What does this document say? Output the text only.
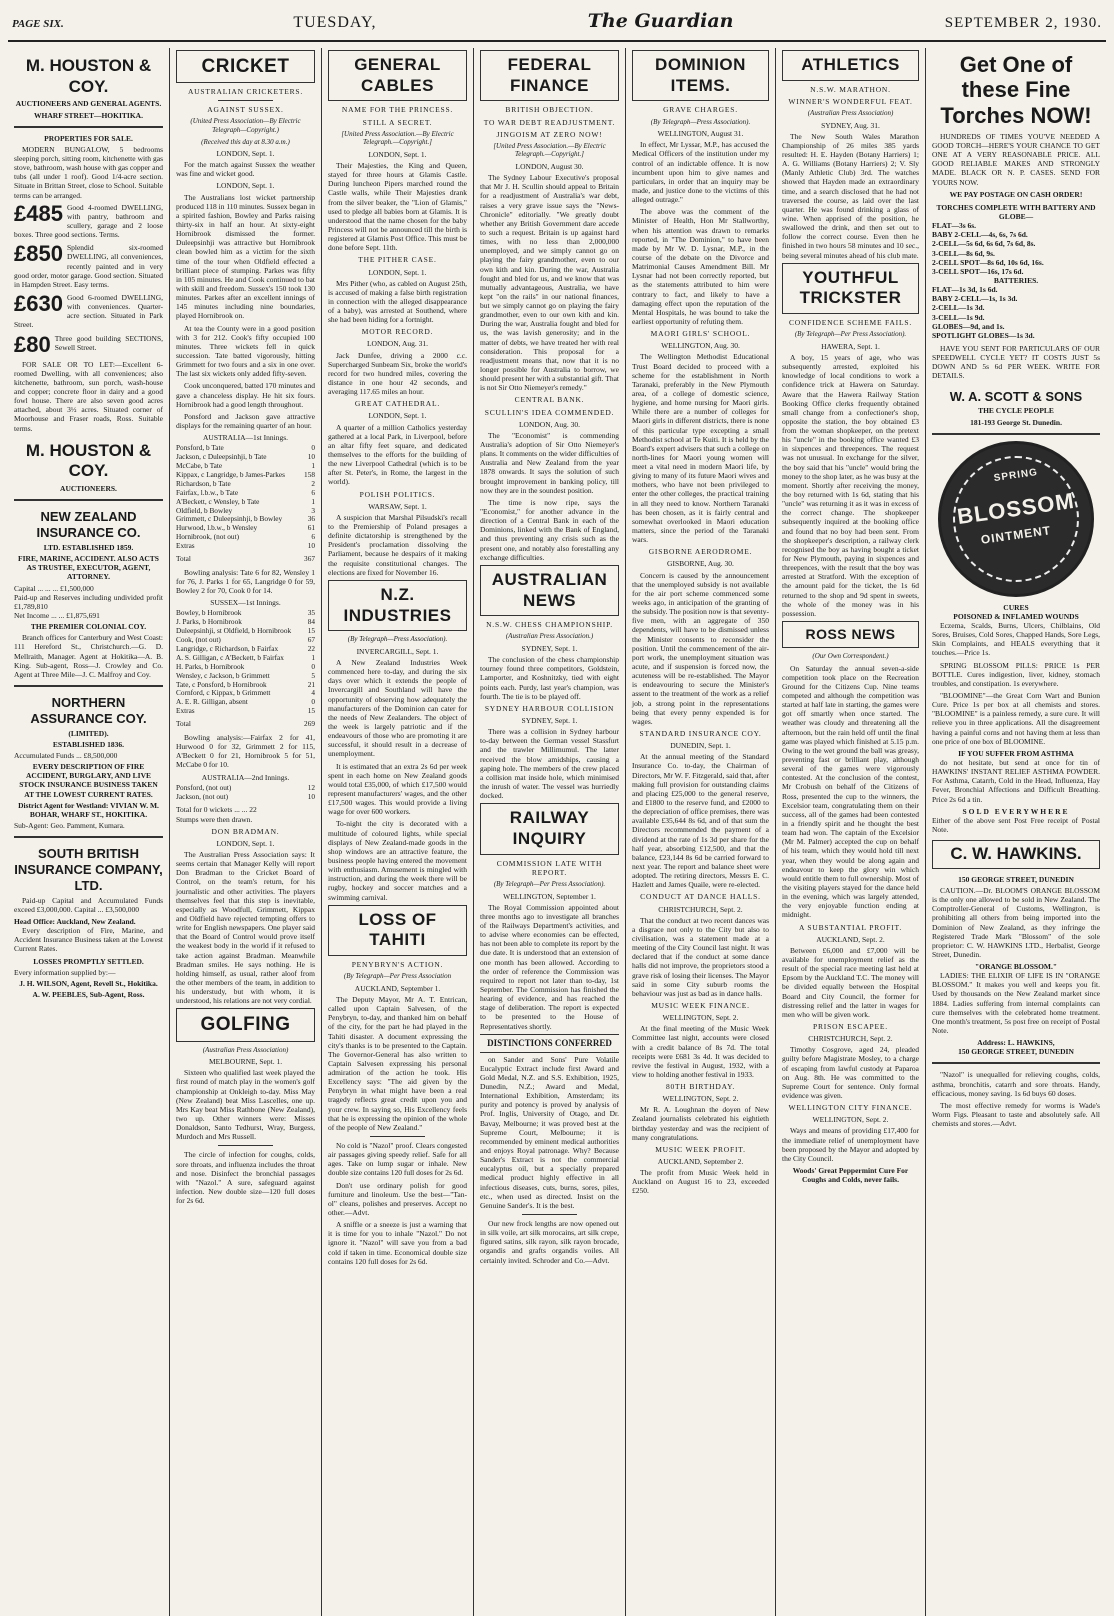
PAGE SIX.	TUESDAY,	The Guardian	SEPTEMBER 2, 1930.
M. HOUSTON & COY.
AUCTIONEERS AND GENERAL AGENTS.
WHARF STREET—HOKITIKA.
PROPERTIES FOR SALE.

MODERN BUNGALOW, 5 bedrooms sleeping porch, sitting room, kitchenette with gas stove, bathroom, wash house with gas copper and tubs (all under 1 roof). Good 1/4-acre section. Situate in Brittan Street, close to School. Suitable terms can be arranged.

£485 Good 4-roomed DWELLING, with pantry, bathroom and scullery, garage and 2 loose boxes. Three good sections. Terms.
£850 Splendid six-roomed DWELLING, all conveniences, recently painted and in very good order, motor garage. Good section. Situated in Hampden Street. Easy terms.
£630 Good 6-roomed DWELLING, with conveniences. Quarter-acre section. Situated in Park Street.
£80 Three good building SECTIONS, Sewell Street.

FOR SALE OR TO LET:—Excellent 6-roomed Dwelling, with all conveniences; also kitchenette, bathroom, sun porch, wash-house and copper; concrete floor in dairy and a good fowl house. There are also seven good acres attached, about 3½ acres. Situated corner of Moorhouse and Fraser roads, Ross. Suitable terms.

M. HOUSTON & COY.
AUCTIONEERS.
NEW ZEALAND INSURANCE CO.
LTD. ESTABLISHED 1859.
FIRE, MARINE, ACCIDENT. ALSO ACTS AS TRUSTEE, EXECUTOR, AGENT, ATTORNEY.
Capital ... ... ... £1,500,000
Paid-up and Reserves including undivided profit £1,789,810
Net Income ... ... £1,875,691
THE PREMIER COLONIAL COY.

Branch offices for Canterbury and West Coast: 111 Hereford St., Christchurch.—G. D. Mellraith, Manager. Agent at Hokitika—A. B. King. Sub-agent, Ross—J. Crowley and Co. Agent at Three Mile—J. C. Malfroy and Coy.

NORTHERN ASSURANCE COY.
(LIMITED).
ESTABLISHED 1836.
Accumulated Funds ... £8,500,000
EVERY DESCRIPTION OF FIRE ACCIDENT, BURGLARY, AND LIVE STOCK INSURANCE BUSINESS TAKEN AT THE LOWEST CURRENT RATES.
District Agent for Westland: VIVIAN W. M. BOHAR, WHARF ST., HOKITIKA.
Sub-Agent: Geo. Pamment, Kumara.
SOUTH BRITISH INSURANCE COMPANY, LTD.

Paid-up Capital and Accumulated Funds exceed £3,000,000. Capital ... £3,500,000

Head Office: Auckland, New Zealand.

Every description of Fire, Marine, and Accident Insurance Business taken at the Lowest Current Rates.

LOSSES PROMPTLY SETTLED.
Every information supplied by:—
J. H. WILSON, Agent, Revell St., Hokitika.
A. W. PEEBLES, Sub-Agent, Ross.
CRICKET
AUSTRALIAN CRICKETERS.
AGAINST SUSSEX.
(United Press Association—By Electric Telegraph—Copyright.)
(Received this day at 8.30 a.m.)
LONDON, Sept. 1.

For the match against Sussex the weather was fine and wicket good.

LONDON, Sept. 1.

The Australians lost wicket partnership produced 118 in 110 minutes. Sussex began in a spirited fashion, Bowley and Parks raising thirty-six in half an hour. At sixty-eight Hornibrook dismissed the former. Duleepsinhji was attractive but Hornibrook clean bowled him as a victim for the sixth time of the tour when Oldfield effected a brilliant piece of stumping. Parkes was fifty in 105 minutes. He and Cook continued to bat with skill and freedom. Sussex's 150 took 130 minutes. Parkes after an excellent innings of 145 minutes including nine boundaries, played Hornibrook on.

At tea the County were in a good position with 3 for 212. Cook's fifty occupied 100 minutes. Three wickets fell in quick succession. Tate batted vigorously, hitting Grimmett for two fours and a six in one over. The last six wickets only added fifty-seven.

Cook unconquered, batted 170 minutes and gave a chanceless display. He hit six fours. Hornibrook had a good length throughout.

Ponsford and Jackson gave attractive displays for the remaining quarter of an hour.

AUSTRALIA—1st Innings.
Ponsford, b Tate	0
Jackson, c Duleepsinhji, b Tate	10
McCabe, b Tate	1
Kippax, c Langridge, b James-Parkes	158
Richardson, b Tate	2
Fairfax, l.b.w., b Tate	6
A'Beckett, c Wensley, b Tate	1
Oldfield, b Bowley	3
Grimmett, c Duleepsinhji, b Bowley	36
Hurwood, l.b.w., b Wensley	61
Hornibrook, (not out)	6
Extras	10
Total	367

Bowling analysis: Tate 6 for 82, Wensley 1 for 76, J. Parks 1 for 65, Langridge 0 for 59, Bowley 2 for 70, Cook 0 for 14.

SUSSEX—1st Innings.
Bowley, b Hornibrook	35
J. Parks, b Hornibrook	84
Duleepsinhji, st Oldfield, b Hornibrook 15
Cook, (not out)	67
Langridge, c Richardson, b Fairfax	22
A. S. Gilligan, c A'Beckett, b Fairfax	1
H. Parks, b Hornibrook	0
Wensley, c Jackson, b Grimmett	5
Tate, c Ponsford, b Hornibrook	21
Cornford, c Kippax, b Grimmett	4
A. E. R. Gilligan, absent	0
Extras	15
Total	269

Bowling analysis:—Fairfax 2 for 41, Hurwood 0 for 32, Grimmett 2 for 115, A'Beckett 0 for 21, Hornibrook 5 for 51, McCabe 0 for 10.

AUSTRALIA—2nd Innings.
Ponsford, (not out)	12
Jackson, (not out)	10
Total for 0 wickets ... ... 22
Stumps were then drawn.
DON BRADMAN.
LONDON, Sept. 1.

The Australian Press Association says: It seems certain that Manager Kelly will report Don Bradman to the Cricket Board of Control, on the team's return, for his journalistic and other activities. The players themselves feel that this step is inevitable, especially as Woodfull, Grimmett, Kippax and Oldfield have rejected tempting offers to write for English newspapers. One player said that the Board of Control would prove itself the weakest body in the world if it refused to take action against Bradman. Meanwhile Bradman smiles. He says nothing. He is holding himself, as usual, rather aloof from the other members of the team, in addition to his understudy, but with whom, it is understood, his relations are not very cordial.

GOLFING
(Australian Press Association)
MELBOURNE, Sept. 1.

Sixteen who qualified last week played the first round of match play in the women's golf championship at Onkleigh to-day. Miss May (New Zealand) beat Miss Lascelles, one up. Mrs Kay beat Miss Rathbone (New Zealand), two up. Other winners were: Misses Donaldson, Santo Tedhurst, Wray, Burgess, Murdoch and Mrs Russell.

The circle of infection for coughs, colds, sore throats, and influenza includes the throat and nose. Disinfect the bronchial passages with "Nazol." A sure, safeguard against infection. New double size—120 full doses for 2s 6d.

GENERAL CABLES
NAME FOR THE PRINCESS.
STILL A SECRET.
[United Press Association.—By Electric Telegraph.—Copyright.]
LONDON, Sept. 1.

Their Majesties, the King and Queen, stayed for three hours at Glamis Castle. During luncheon Pipers marched round the Castle walls, while Their Majesties drank from the silver beaker, the "Lion of Glamis," used to pledge all babies born at Glamis. It is understood that the name chosen for the baby Princess will not be announced till the birth is registered at Glamis Post Office. This must be done before Sept. 11th.

THE PITHER CASE.
LONDON, Sept. 1.

Mrs Pither (who, as cabled on August 25th, is accused of making a false birth registration in connection with the alleged disappearance of a baby), was arrested at Southend, where she had been hiding for a fortnight.

MOTOR RECORD.
LONDON, Aug. 31.

Jack Dunfee, driving a 2000 c.c. Supercharged Sunbeam Six, broke the world's record for two hundred miles, covering the distance in one hour 42 seconds, and averaging 117.65 miles an hour.

GREAT CATHEDRAL.
LONDON, Sept. 1.

A quarter of a million Catholics yesterday gathered at a local Park, in Liverpool, before an altar fifty feet square, and dedicated themselves to the efforts for the building of the new Liverpool Cathedral (which is to be after St. Peter's, in Rome, the largest in the world).

POLISH POLITICS.
WARSAW, Sept. 1.

A suspicion that Marshal Pilsudski's recall to the Premiership of Poland presages a definite dictatorship is strengthened by the President's proclamation dissolving the Parliament, because he despairs of it making the requisite constitutional changes. The elections are fixed for November 16.

N.Z. INDUSTRIES
(By Telegraph—Press Association).
INVERCARGILL, Sept. 1.

A New Zealand Industries Week commenced here to-day, and during the six days over which it extends the people of Invercargill and Southland will have the opportunity of observing how adequately the manufacturers of the Dominion can cater for the needs of New Zealanders. The object of the week is largely patriotic and if the endeavours of those who are promoting it are successful, it should result in a decrease of unemployment.

It is estimated that an extra 2s 6d per week spent in each home on New Zealand goods would total £35,000, of which £17,500 would represent manufacturers' wages, and the other £17,500 wages. This would provide a living wage for over 600 workers.

To-night the city is decorated with a multitude of coloured lights, while special displays of New Zealand-made goods in the shop windows are an attractive feature, the business people having entered the movement with enthusiasm. Amusement is mingled with instruction, and during the week there will be rugby, hockey and soccer matches and a swimming carnival.

LOSS OF TAHITI
PENYBRYN'S ACTION.
(By Telegraph—Per Press Association
AUCKLAND, September 1.

The Deputy Mayor, Mr A. T. Entrican, called upon Captain Salvesen, of the Penybryn, to-day, and thanked him on behalf of the city, for the part he had played in the Tahiti disaster. A document expressing the city's thanks is to be presented to the Captain. The Governor-General has also written to Captain Salvesen expressing his personal admiration of the action he took. His Excellency says: "The aid given by the Penybryn in what might have been a real tragedy reflects great credit upon you and your crew. In saying so, His Excellency feels that he is expressing the opinion of the whole of the people of New Zealand."

No cold is "Nazol" proof. Clears congested air passages giving speedy relief. Safe for all ages. Take on lump sugar or inhale. New double size contains 120 full doses for 2s 6d.

Don't use ordinary polish for good furniture and linoleum. Use the best—"Tan-ol" cleans, polishes and preserves. Accept no other.—Advt.

A sniffle or a sneeze is just a warning that it is time for you to inhale "Nazol." Do not ignore it. "Nazol" will save you from a bad cold if taken in time. Economical double size contains 120 full doses for 2s 6d.

FEDERAL FINANCE
BRITISH OBJECTION.
TO WAR DEBT READJUSTMENT.
JINGOISM AT ZERO NOW!
[United Press Association.—By Electric Telegraph.—Copyright.]
LONDON, August 30.

The Sydney Labour Executive's proposal that Mr J. H. Scullin should appeal to Britain for a readjustment of Australia's war debt, raises a very grave issue says the "News-Chronicle" editorially. "We greatly doubt whether any British Government dare accede to such a request. Britain is up against hard times, with no less than 2,000,000 unemployed, and we simply cannot go on playing the fairy grandmother, even to our own kith and kin. During the war, Australia fought and bled for us, and we know that was mutually advantageous, Australia, we have kept "on the rails" in our national finances, but we simply cannot go on playing the fairy grandmother, even to our own kith and kin. During the war, Australia fought and bled for us, the was lavish generosity; and in the matter of debts, we have treated her with real consideration. This proposal for a readjustment means that, now that it is no longer possible for Australia to borrow, we should present her with a substantial gift. That is not Sir Otto Niemeyer's remedy."

CENTRAL BANK.
SCULLIN'S IDEA COMMENDED.
LONDON, Aug. 30.

The "Economist" is commending Australia's adoption of Sir Otto Niemeyer's plans. It comments on the wider difficulties of Australia and New Zealand from the year 1878 onwards. It says the solution of such brought improvement in banking policy, till now they are in the soundest position.

The time is now ripe, says the "Economist," for another advance in the direction of a Central Bank in each of the Dominions, linked with the Bank of England, and thus preventing any crisis such as the present one, and notably also forestalling any exchange difficulties.

AUSTRALIAN NEWS
N.S.W. CHESS CHAMPIONSHIP.
(Australian Press Association.)
SYDNEY, Sept. 1.

The conclusion of the chess championship tourney found three competitors, Goldstein, Lamporter, and Koshnitzky, tied with eight points each. Purdy, last year's champion, was fourth. The tie is to be played off.

SYDNEY HARBOUR COLLISION
SYDNEY, Sept. 1.

There was a collision in Sydney harbour to-day between the German vessel Stassfurt and the trawler Millimumul. The latter received the blow amidships, causing a gaping hole. The members of the crew placed a collision mat inside hole, which minimised the inrush of water. The vessel was hurriedly docked.

RAILWAY INQUIRY
COMMISSION LATE WITH REPORT.
(By Telegraph—Per Press Association).
WELLINGTON, September 1.

The Royal Commission appointed about three months ago to investigate all branches of the Railways Department's activities, and to advise where economies can be effected, has not been able to complete its report by the due date. It is understood that an extension of one month has been allowed. According to the order of reference the Commission was required to report not later than to-day, 1st September. The Commission has finished the hearing of evidence, and has reached the stage of deliberation. The report is expected to be presented to the House of Representatives shortly.

DISTINCTIONS CONFERRED

on Sander and Sons' Pure Volatile Eucalyptic Extract include first Award and Gold Medal, N.Z. and S.S. Exhibition, 1925, Dunedin, N.Z.; Award and Medal, International Exhibition, Amsterdam; its purity and potency is proved by analysis of Prof. Inglis, University of Otago, and Dr. Bavay, Melbourne; it was proved best at the Supreme Court, Melbourne; it is recommended by eminent medical authorities and enjoys Royal patronage. Why? Because Sander's Extract is not the commercial eucalyptus oil, but a specially prepared medical product highly effective in all infectious diseases, cuts, burns, sores, piles, etc., when used as directed. Insist on the Genuine Sander's. It is the best.

Our new frock lengths are now opened out in silk voile, art silk morocains, art silk crepe, figured satins, silk rayon, silk rayon brocade, organdis and grafts organdis voiles. All certainly invited. Schroder and Co.—Advt.

DOMINION ITEMS.
GRAVE CHARGES.
(By Telegraph—Press Association).
WELLINGTON, August 31.

In effect, Mr Lyssar, M.P., has accused the Medical Officers of the institution under my control of an indictable offence. It is now incumbent upon him to give names and particulars, in order that an inquiry may be made, and justice done to the victims of this alleged outrage."

The above was the comment of the Minister of Health, Hon Mr Stallworthy, when his attention was drawn to remarks reported, in "The Dominion," to have been made by Mr W. D. Lysnar, M.P., in the course of the debate on the Divorce and Matrimonial Causes Amendment Bill. Mr Lysnar had not been correctly reported, but as the statements attributed to him were contrary to fact, and likely to have a damaging effect upon the reputation of the Mental Hospitals, he was bound to take the earliest opportunity of refuting them.

MAORI GIRLS' SCHOOL.
WELLINGTON, Aug. 30.

The Wellington Methodist Educational Trust Board decided to proceed with a scheme for the establishment in North Taranaki, preferably in the New Plymouth area, of a college of domestic science, hygiene, and home nursing for Maori girls. While there are a number of colleges for Maori girls in different districts, there is none of this particular type excepting a small Methodist school at Te Kuiti. It is held by the Board's expert advisers that such a college on north-lines for Maori young women will meet a vital need in modern Maori life, by giving to many of its future Maori wives and mothers, who have not been privileged to enter the other colleges, the practical training in all they need to know. Northern Taranaki has been chosen, as it is fairly central and somewhat overlooked in Maori education matters, since the period of the Taranaki wars.

GISBORNE AERODROME.
GISBORNE, Aug. 30.

Concern is caused by the announcement that the unemployed subsidy is not available for the air port scheme commenced some weeks ago, in anticipation of the granting of the subsidy. The position now is that seventy-five men, with an aggregate of 350 dependents, will have to be dismissed unless the Minister consents to reconsider the position. Until the commencement of the air-port work, the unemployment situation was acute, and if suspension is forced now, the acuteness will be re-established. The Mayor is endeavouring to secure the Minister's assent to the treatment of the work as a relief job, a strong point in the representations being that every penny expended is for wages.

STANDARD INSURANCE COY.
DUNEDIN, Sept. 1.

At the annual meeting of the Standard Insurance Co. to-day, the Chairman of Directors, Mr W. F. Fitzgerald, said that, after making full provision for outstanding claims and placing £25,000 to the general reserve, and £1800 to the reserve fund, and £2000 to the depreciation of office premises, there was available £35,644 8s 6d, and of that sum the Directors recommended the payment of a dividend at the rate of 1s 3d per share for the half year, absorbing £12,500, and that the balance, £23,144 8s 6d be carried forward to next year. The report and balance sheet were adopted. The retiring directors, Messrs E. C. Hazlett and James Quaile, were re-elected.

CONDUCT AT DANCE HALLS.
CHRISTCHURCH, Sept. 2.

That the conduct at two recent dances was a disgrace not only to the City but also to civilisation, was a statement made at a meeting of the City Council last night. It was declared that if the conduct at some dance halls did not improve, the proprietors stood a grave risk of losing their licenses. The Mayor said in some City suburb rooms the behaviour was just as bad as in dance halls.

MUSIC WEEK FINANCE.
WELLINGTON, Sept. 2.

At the final meeting of the Music Week Committee last night, accounts were closed with a credit balance of 8s 7d. The total receipts were £681 3s 4d. It was decided to revive the festival in August, 1932, with a view to holding another festival in 1933.

80TH BIRTHDAY.
WELLINGTON, Sept. 2.

Mr R. A. Loughnan the doyen of New Zealand journalists celebrated his eightieth birthday yesterday and was the recipient of many congratulations.

MUSIC WEEK PROFIT.
AUCKLAND, September 2.

The profit from Music Week held in Auckland on August 16 to 23, exceeded £250.

ATHLETICS
N.S.W. MARATHON.
WINNER'S WONDERFUL FEAT.
(Australian Press Association)
SYDNEY, Aug. 31.

The New South Wales Marathon Championship of 26 miles 385 yards resulted: H. E. Hayden (Botany Harriers) 1; A. G. Williams (Botany Harriers) 2; V. Sly (Manly Athletic Club) 3rd. The watches showed that Hayden made an extraordinary time, and a search disclosed that he had not traversed the course, as laid over the last quarter. He was found drinking a glass of wine. When apprised of the position, he swallowed the drink, and then set out to follow the correct course. Even then he finished in two hours 58 minutes and 10 sec., being several minutes ahead of his club mate.

YOUTHFUL TRICKSTER
CONFIDENCE SCHEME FAILS.
(By Telegraph—Per Press Association).
HAWERA, Sept. 1.

A boy, 15 years of age, who was subsequently arrested, exploited his knowledge of local conditions to work a confidence trick at Hawera on Saturday. Aware that the Hawera Railway Station Booking Office clerks frequently obtained small change from a confectioner's shop, opposite the station, the boy obtained £3 from the woman shopkeeper, on the pretext his "uncle" in the booking office wanted £3 in sixpences and threepences. The request was not unusual. In exchange for the silver, the boy said that his "uncle" would bring the money to the shop later, as he was busy at the moment. Shortly after receiving the money, the boy returned with 1s 6d, stating that his "uncle" was returning it as it was in excess of the correct change. The shopkeeper subsequently inquired at the booking office and found that no boy had been sent. From the shopkeeper's description, a railway clerk recognised the boy as having bought a ticket for New Plymouth, paying in sixpences and threepences, with the result that the boy was arrested at Stratford. With the exception of the amount paid for the ticket, the 1s 6d returned to the shop and 9d spent in sweets, the whole of the money was in his possession.

ROSS NEWS
(Our Own Correspondent.)

On Saturday the annual seven-a-side competition took place on the Recreation Ground for the Citizens Cup. Nine teams competed and although the competition was started at half late in starting, the games were got off smartly when once started. The weather was cloudy and threatening all the afternoon, but the rain held off until the final game was played which finished at 5.15 p.m. Owing to the wet ground the ball was greasy, preventing fast or brilliant play, although several of the games were vigorously contested. At the conclusion of the contest, Mr Crobush on behalf of the Citizens of Ross, presented the cup to the winners, the Excelsior team, congratulating them on their success, all of the games had been contested in a friendly spirit and he thought the best team had won. The captain of the Excelsior (Mr M. Palmer) accepted the cup on behalf of his team, which they would hold till next year, when they would be along again and endeavour to keep the glory win which would entitle them to full ownership. Most of the visiting players stayed for the dance held in the evening, which was largely attended, the very enjoyable function ending at midnight.

A SUBSTANTIAL PROFIT.
AUCKLAND, Sept. 2.

Between £6,000 and £7,000 will be available for unemployment relief as the result of the special race meeting last held at Epsom by the Auckland T.C. The money will be divided equally between the Hospital Board and City Council, the former for distressing relief and the latter in wages for men who will be given work.

PRISON ESCAPEE.
CHRISTCHURCH, Sept. 2.

Timothy Cosgrove, aged 24, pleaded guilty before Magistrate Mosley, to a charge of escaping from lawful custody at Paparoa on Aug. 8th. He was committed to the Supreme Court for sentence. Only formal evidence was given.

WELLINGTON CITY FINANCE.
WELLINGTON, Sept. 2.

Ways and means of providing £17,400 for the immediate relief of unemployment have been proposed by the Mayor and adopted by the City Council.

Woods' Great Peppermint Cure For Coughs and Colds, never fails.
Get One of these Fine Torches NOW!

HUNDREDS OF TIMES YOU'VE NEEDED A GOOD TORCH—HERE'S YOUR CHANCE TO GET ONE AT A VERY REASONABLE PRICE. ALL GOOD RELIABLE MAKES AND STRONGLY MADE. BLACK OR N. P. CASES. SEND FOR YOURS NOW.

WE PAY POSTAGE ON CASH ORDER!
TORCHES COMPLETE WITH BATTERY AND GLOBE—
FLAT—3s 6s.
BABY 2-CELL—4s, 6s, 7s 6d.
2-CELL—5s 6d, 6s 6d, 7s 6d, 8s.
3-CELL—8s 6d, 9s.
2-CELL SPOT—8s 6d, 10s 6d, 16s.
3-CELL SPOT—16s, 17s 6d.
BATTERIES.
FLAT—1s 3d, 1s 6d.
BABY 2-CELL—1s, 1s 3d.
2-CELL—1s 3d.
3-CELL—1s 9d.
GLOBES—9d, and 1s.
SPOTLIGHT GLOBES—1s 3d.

HAVE YOU SENT FOR PARTICULARS OF OUR SPEEDWELL CYCLE YET? IT COSTS JUST 5s DOWN AND 5s 6d PER WEEK. WRITE FOR DETAILS.

W. A. SCOTT & SONS
THE CYCLE PEOPLE
181-193 George St. Dunedin.
SPRING
BLOSSOM
OINTMENT
CURES
POISONED & INFLAMED WOUNDS

Eczema, Scalds, Burns, Ulcers, Chilblains, Old Sores, Bruises, Cold Sores, Chapped Hands, Sore Legs, Skin Complaints, and HEALS everything that it touches.—Price 1s.

SPRING BLOSSOM PILLS: PRICE 1s PER BOTTLE. Cures indigestion, liver, kidney, stomach troubles, and constipation. 1s everywhere.

"BLOOMINE"—the Great Corn Wart and Bunion Cure. Price 1s per box at all chemists and stores. "BLOOMINE" is a painless remedy, a sure cure. It will relieve you in three applications. All the disagreement having a painful corns and not having them at less than one price of one box of BLOOMINE.

IF YOU SUFFER FROM ASTHMA

do not hesitate, but send at once for tin of HAWKINS' INSTANT RELIEF ASTHMA POWDER. For Asthma, Catarrh, Cold in the Head, Influenza, Hay Fever, Bronchial Affections and Difficult Breathing. Price 2s 6d a tin.

SOLD EVERYWHERE
Either of the above sent Post Free receipt of Postal Note.
C. W. HAWKINS.
150 GEORGE STREET, DUNEDIN

CAUTION.—Dr. BLOOM'S ORANGE BLOSSOM is the only one allowed to be sold in New Zealand. The Comptroller-General of Customs, Wellington, is prohibiting all others from being imported into the Dominion of New Zealand, as they infringe the Registered Trade Mark "Blossom" of the sole proprietor: C. W. HAWKINS LTD., Herbalist, George Street, Dunedin.

"ORANGE BLOSSOM."

LADIES: THE ELIXIR OF LIFE IS IN "ORANGE BLOSSOM." It makes you well and keeps you fit. Used by thousands on the New Zealand market since 1884. Ladies suffering from internal complaints can cure themselves with the celebrated home treatment. One month's treatment, 5s post free on receipt of Postal Note.

Address: L. HAWKINS,
150 GEORGE STREET, DUNEDIN

"Nazol" is unequalled for relieving coughs, colds, asthma, bronchitis, catarrh and sore throats. Handy, efficacious, money saving. 1s 6d buys 60 doses.

The most effective remedy for worms is Wade's Worm Figs. Pleasant to taste and absolutely safe. All chemists and stores.—Advt.
